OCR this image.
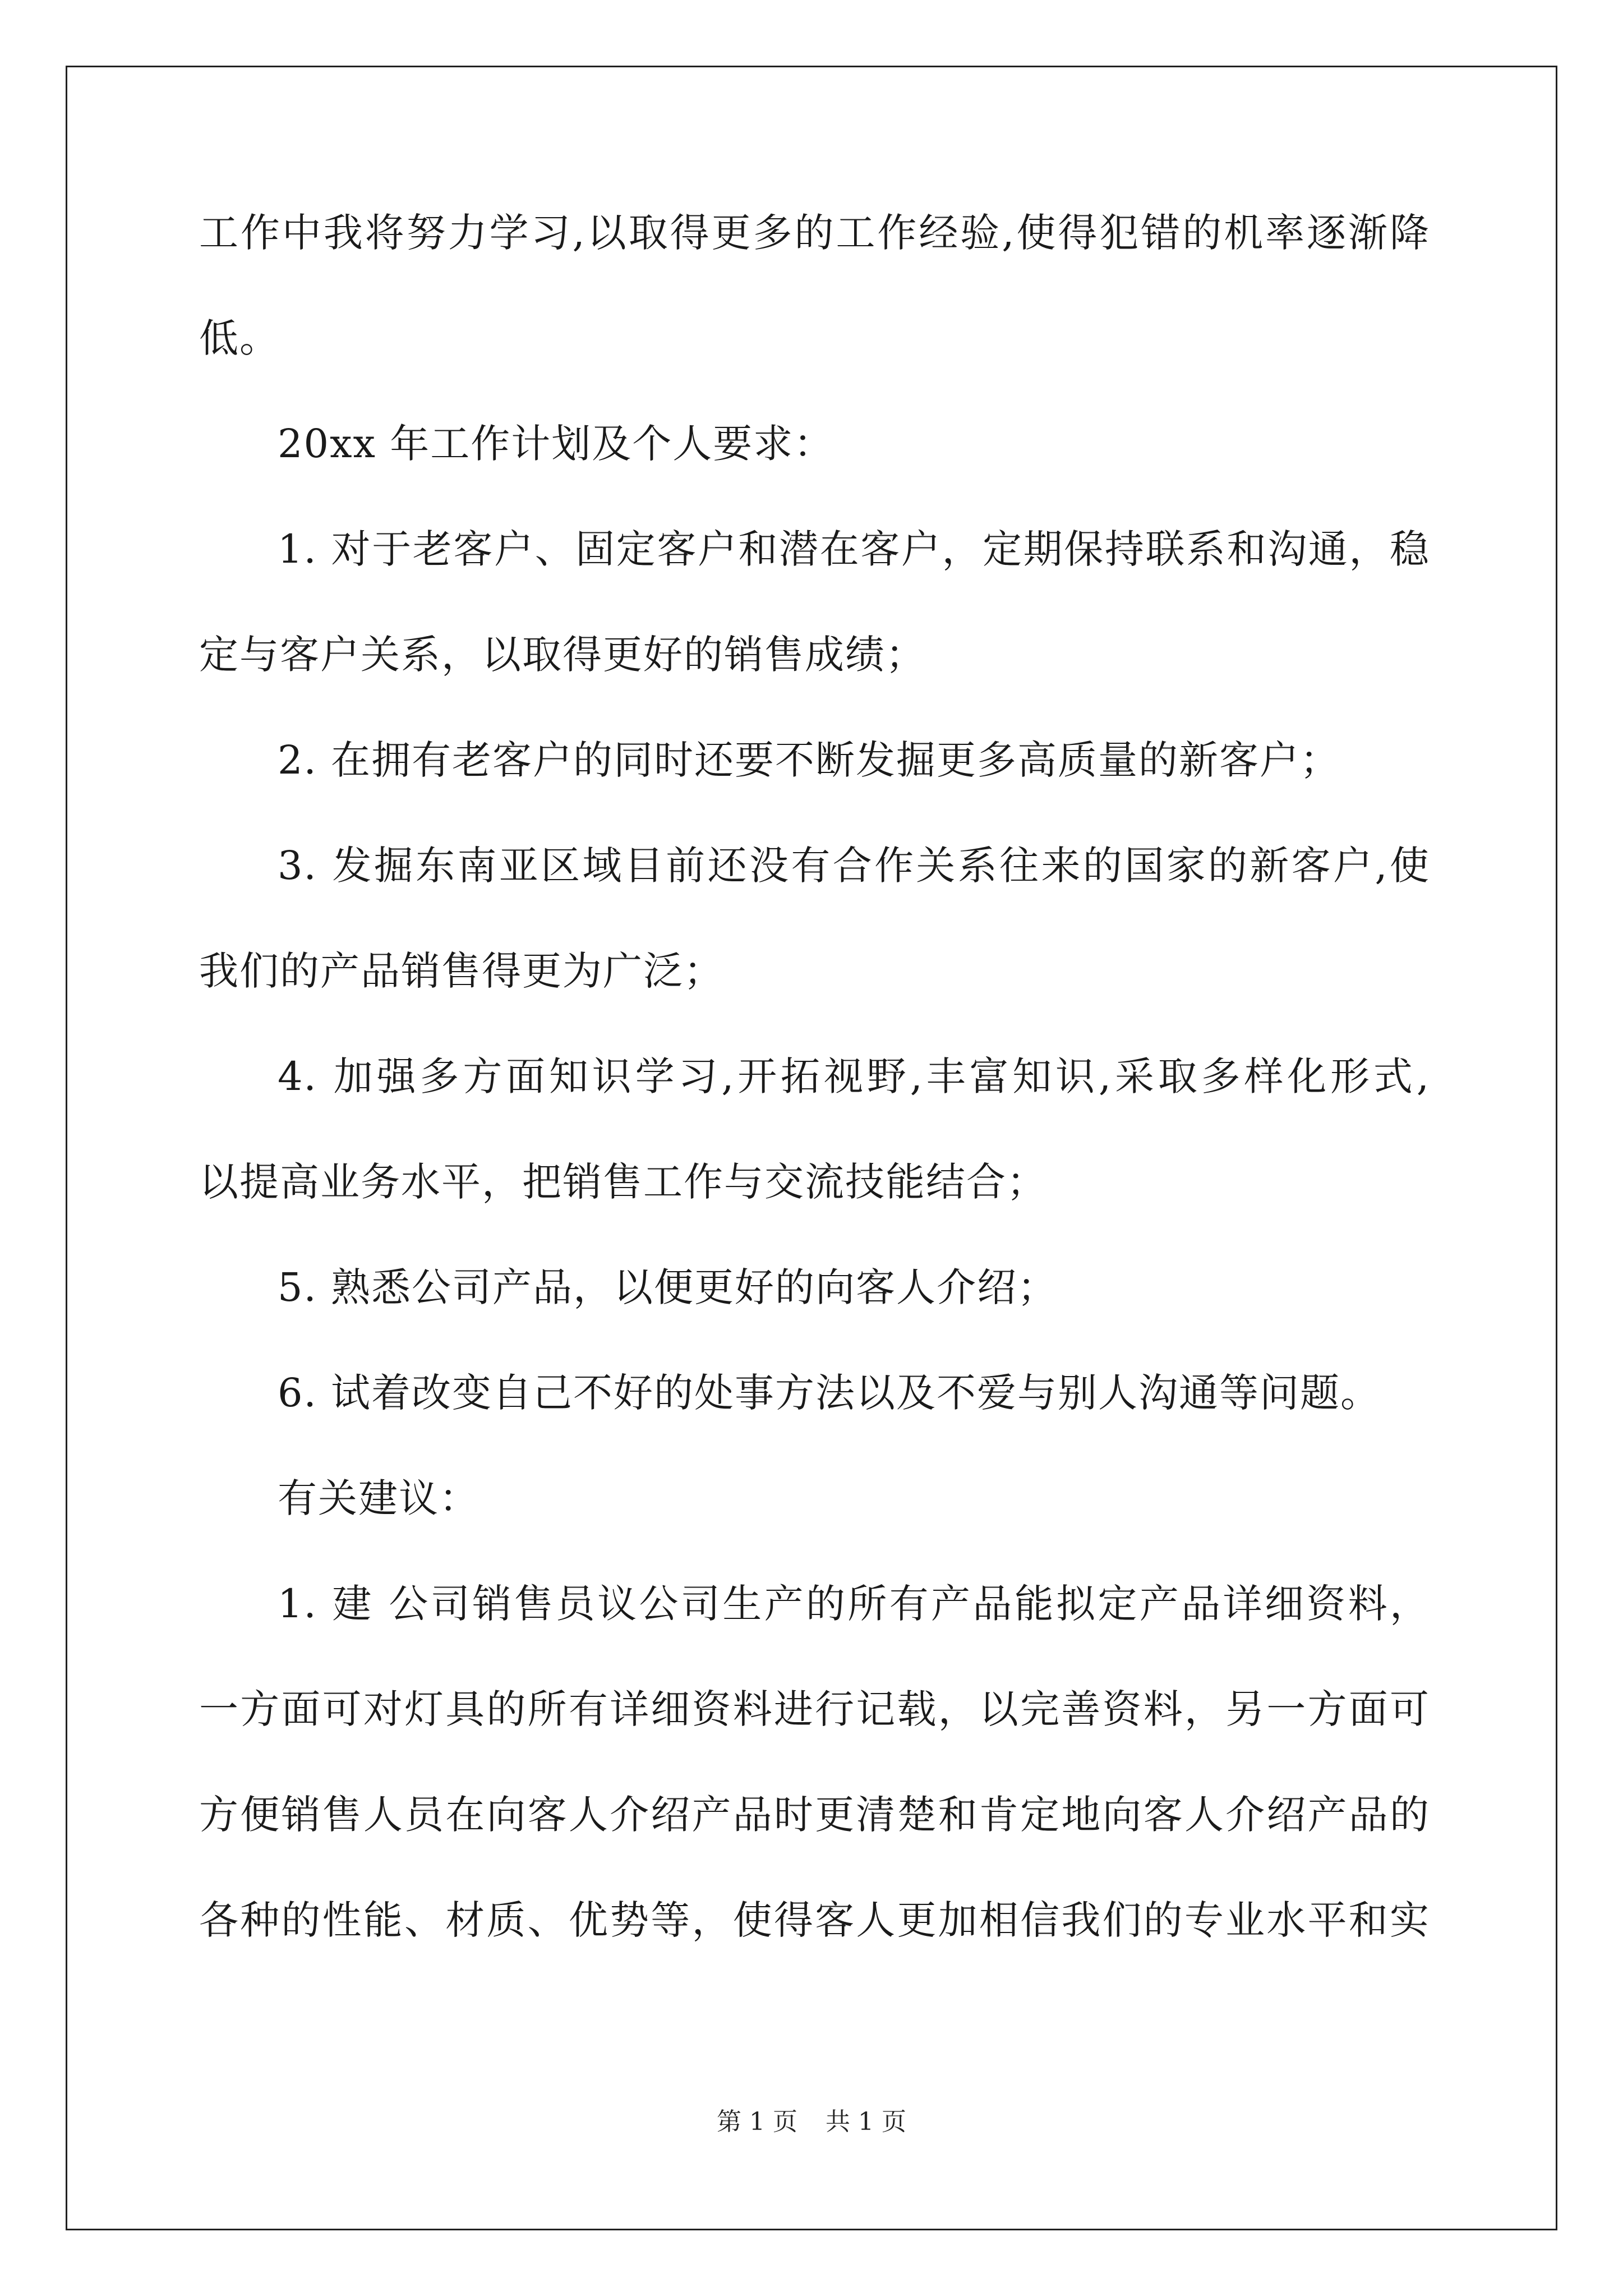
工作中我将努力学习,以取得更多的工作经验,使得犯错的机率逐渐降
低。
20xx 年工作计划及个人要求：
1. 对于老客户、固定客户和潜在客户，定期保持联系和沟通，稳
定与客户关系，以取得更好的销售成绩；
2. 在拥有老客户的同时还要不断发掘更多高质量的新客户；
3. 发掘东南亚区域目前还没有合作关系往来的国家的新客户,使
我们的产品销售得更为广泛；
4. 加强多方面知识学习,开拓视野,丰富知识,采取多样化形式,
以提高业务水平，把销售工作与交流技能结合；
5. 熟悉公司产品，以便更好的向客人介绍；
6. 试着改变自己不好的处事方法以及不爱与别人沟通等问题。
有关建议：
1. 建 公司销售员议公司生产的所有产品能拟定产品详细资料，
一方面可对灯具的所有详细资料进行记载，以完善资料，另一方面可
方便销售人员在向客人介绍产品时更清楚和肯定地向客人介绍产品的
各种的性能、材质、优势等，使得客人更加相信我们的专业水平和实
第 1 页 共 1 页
